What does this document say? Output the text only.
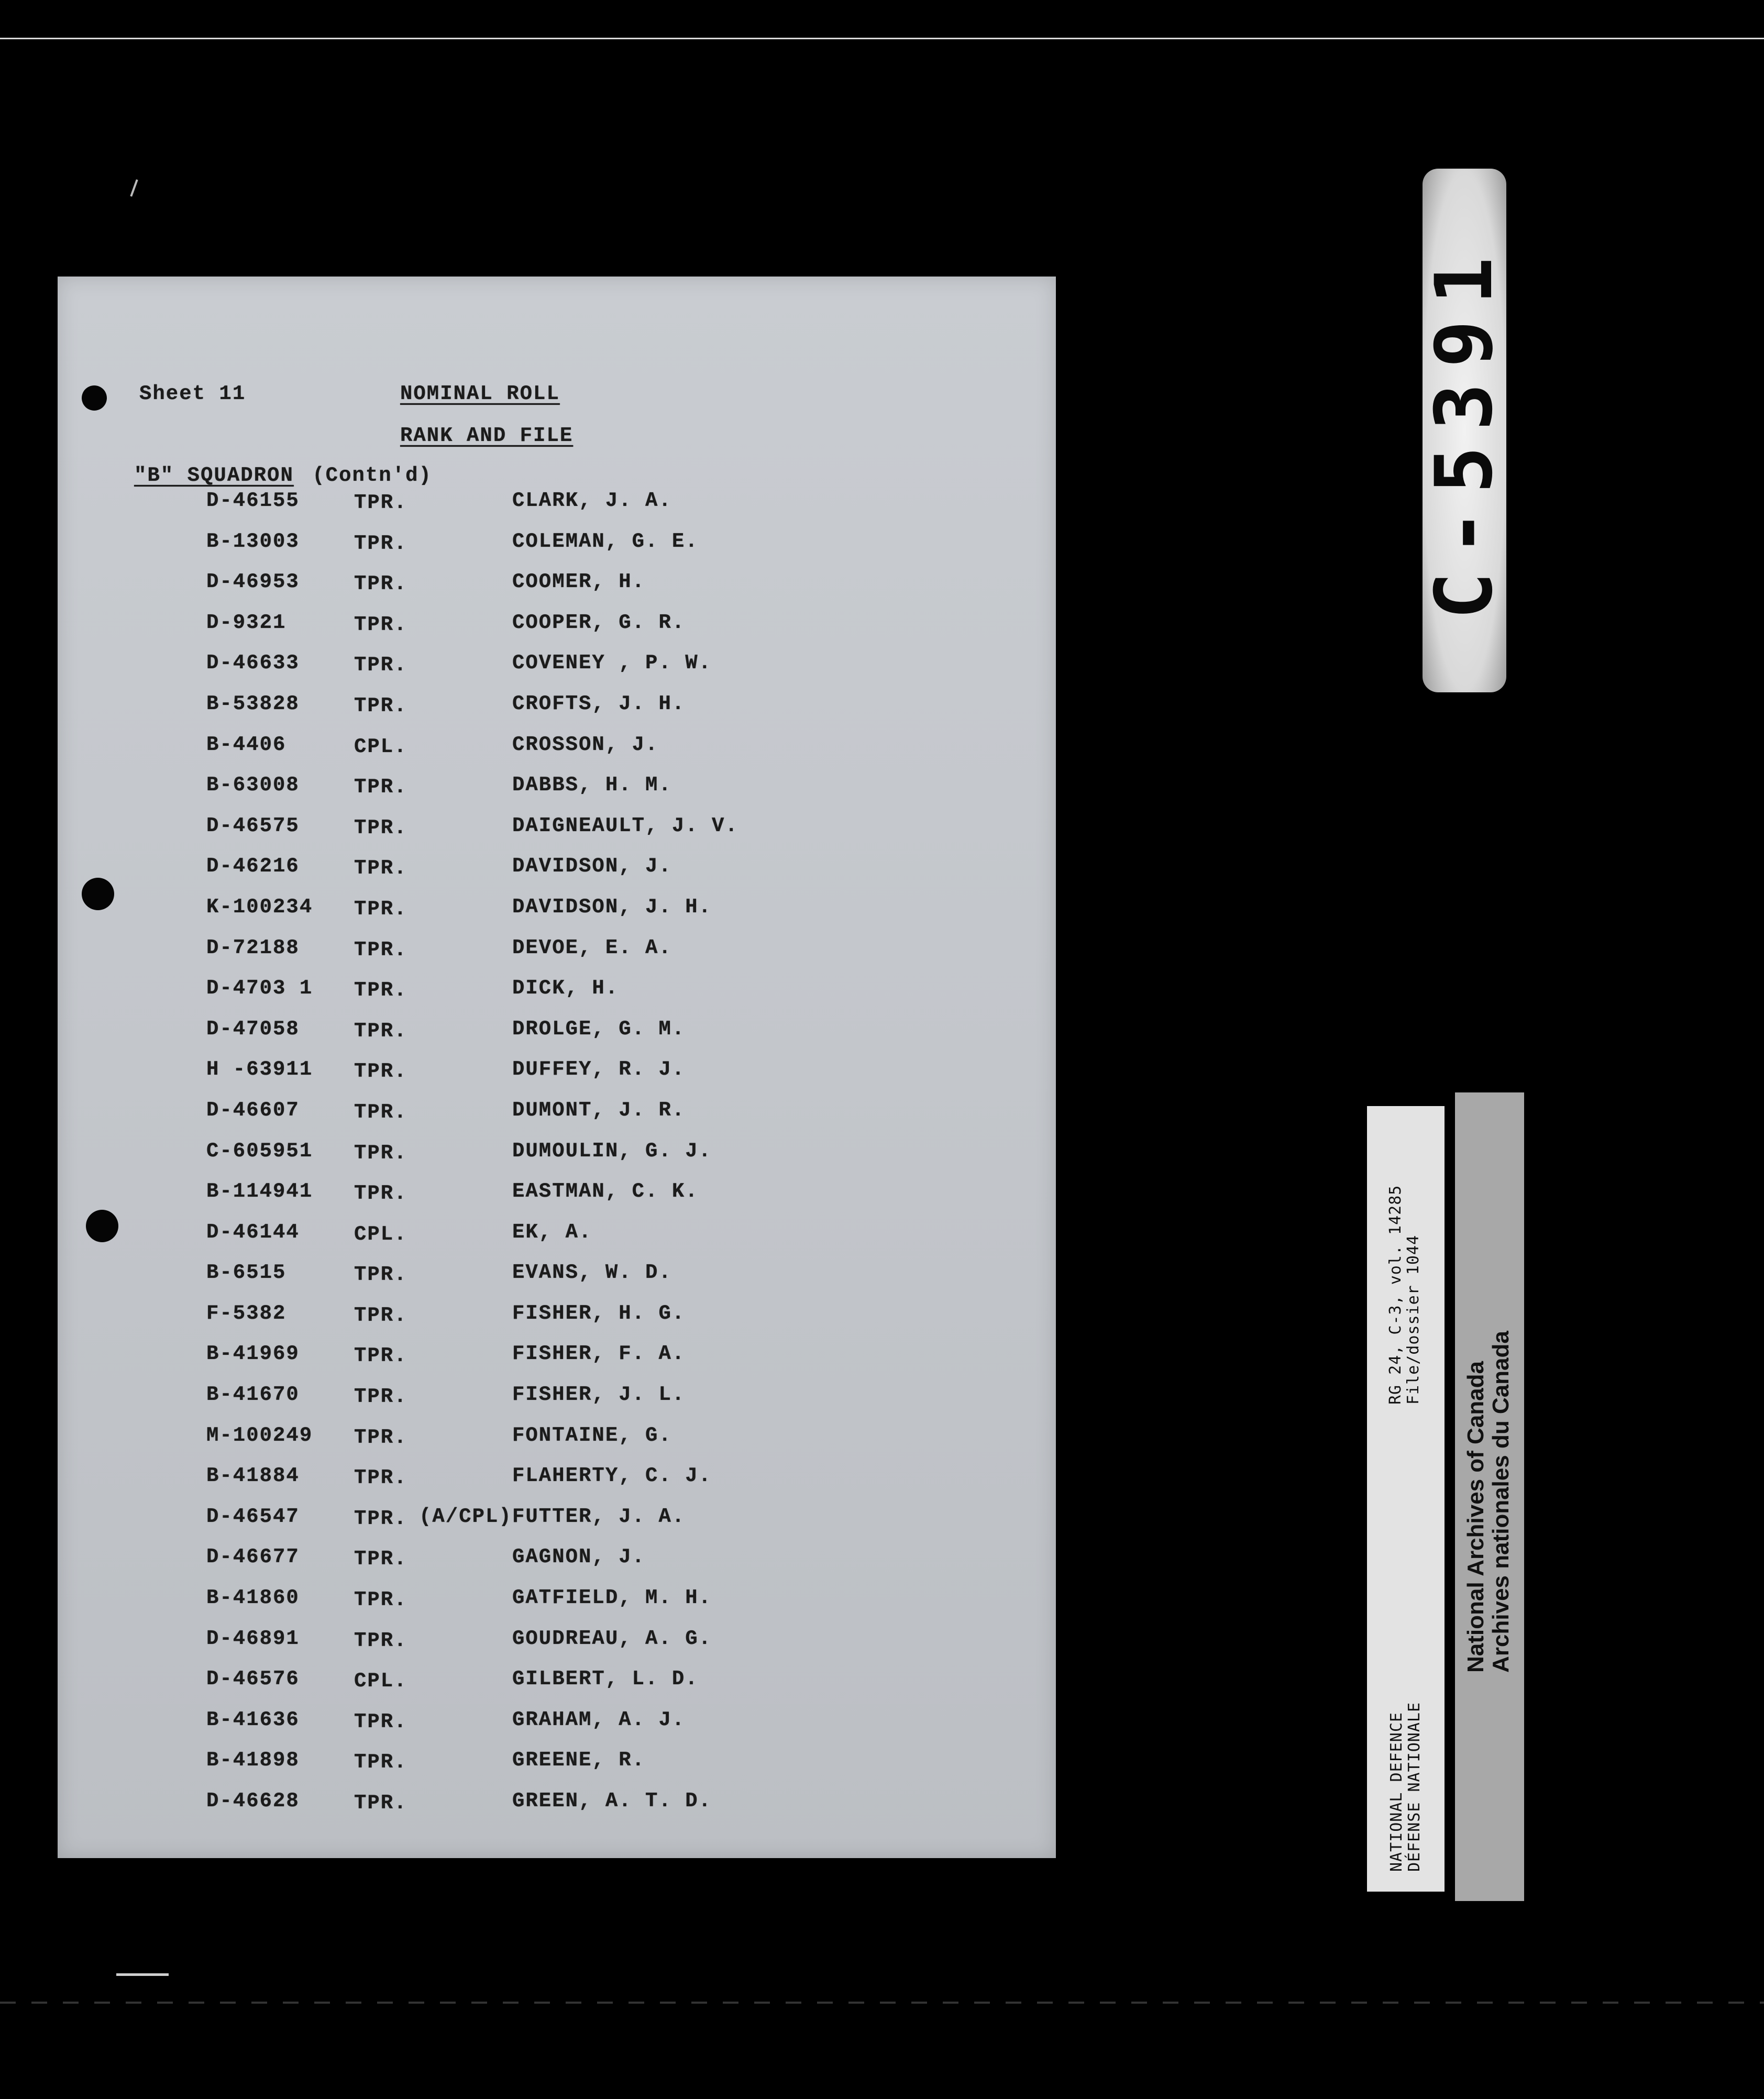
Sheet 11	NOMINAL ROLL
RANK AND FILE
"B" SQUADRON (Contn'd)
D-46155	TPR.	CLARK, J. A.
B-13003	TPR.	COLEMAN, G. E.
D-46953	TPR.	COOMER, H.
D-9321	TPR.	COOPER, G. R.
D-46633	TPR.	COVENEY , P. W.
B-53828	TPR.	CROFTS, J. H.
B-4406	CPL.	CROSSON, J.
B-63008	TPR.	DABBS, H. M.
D-46575	TPR.	DAIGNEAULT, J. V.
D-46216	TPR.	DAVIDSON, J.
K-100234 TPR.	DAVIDSON, J. H.
D-72188	TPR.	DEVOE, E. A.
D-4703 1 TPR.	DICK, H.
D-47058	TPR.	DROLGE, G. M.
H -63911 TPR.	DUFFEY, R. J.
D-46607	TPR.	DUMONT, J. R.
C-605951 TPR.	DUMOULIN, G. J.
B-114941 TPR.	EASTMAN, C. K.
D-46144	CPL.	EK, A.
B-6515	TPR.	EVANS, W. D.
F-5382	TPR.	FISHER, H. G.
B-41969	TPR.	FISHER, F. A.
B-41670	TPR.	FISHER, J. L.
M-100249 TPR.	FONTAINE, G.
B-41884	TPR.	FLAHERTY, C. J.
D-46547	TPR. (A/CPL) FUTTER, J. A.
D-46677	TPR.	GAGNON, J.
B-41860	TPR.	GATFIELD, M. H.
D-46891	TPR.	GOUDREAU, A. G.
D-46576	CPL.	GILBERT, L. D.
B-41636	TPR.	GRAHAM, A. J.
B-41898	TPR.	GREENE, R.
D-46628	TPR.	GREEN, A. T. D.
C-5391
NATIONAL DEFENCE DÉFENSE NATIONALE
RG 24, C-3, vol. 14285 File/dossier 1044
National Archives of Canada Archives nationales du Canada
